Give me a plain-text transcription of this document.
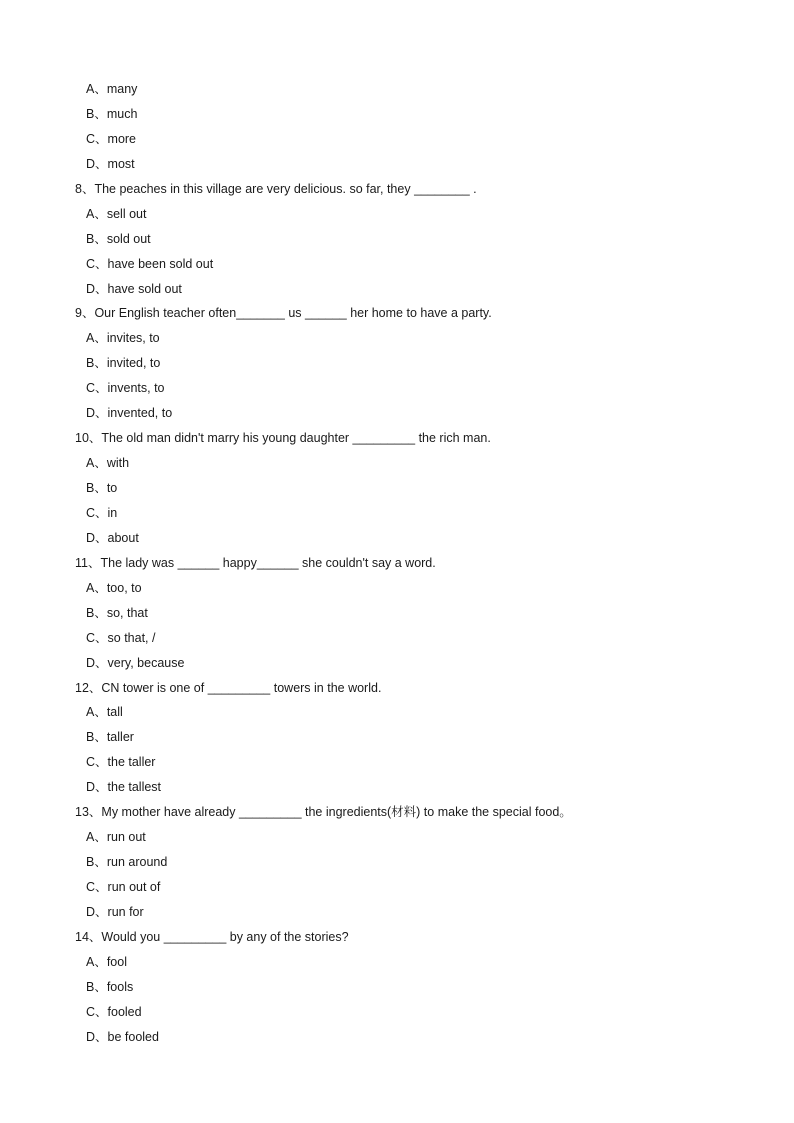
A、many
B、much
C、more
D、most
8、The peaches in this village are very delicious. so far, they ________ .
A、sell out
B、sold out
C、have been sold out
D、have sold out
9、Our English teacher often_______ us ______ her home to have a party.
A、invites, to
B、invited, to
C、invents, to
D、invented, to
10、The old man didn't marry his young daughter _________ the rich man.
A、with
B、to
C、in
D、about
11、The lady was ______ happy______ she couldn't say a word.
A、too, to
B、so, that
C、so that, /
D、very, because
12、CN tower is one of _________ towers in the world.
A、tall
B、taller
C、the taller
D、the tallest
13、My mother have already _________ the ingredients(材料) to make the special food。
A、run out
B、run around
C、run out of
D、run for
14、Would you _________ by any of the stories?
A、fool
B、fools
C、fooled
D、be fooled
